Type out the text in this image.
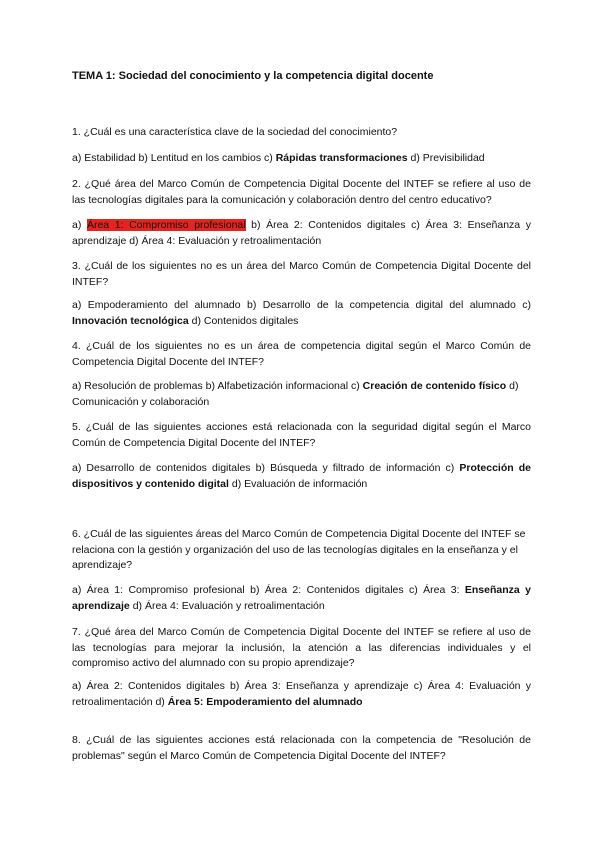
TEMA 1: Sociedad del conocimiento y la competencia digital docente
1. ¿Cuál es una característica clave de la sociedad del conocimiento?
a) Estabilidad b) Lentitud en los cambios c) Rápidas transformaciones d) Previsibilidad
2. ¿Qué área del Marco Común de Competencia Digital Docente del INTEF se refiere al uso de las tecnologías digitales para la comunicación y colaboración dentro del centro educativo?
a) Área 1: Compromiso profesional b) Área 2: Contenidos digitales c) Área 3: Enseñanza y aprendizaje d) Área 4: Evaluación y retroalimentación
3. ¿Cuál de los siguientes no es un área del Marco Común de Competencia Digital Docente del INTEF?
a) Empoderamiento del alumnado b) Desarrollo de la competencia digital del alumnado c) Innovación tecnológica d) Contenidos digitales
4. ¿Cuál de los siguientes no es un área de competencia digital según el Marco Común de Competencia Digital Docente del INTEF?
a) Resolución de problemas b) Alfabetización informacional c) Creación de contenido físico d) Comunicación y colaboración
5. ¿Cuál de las siguientes acciones está relacionada con la seguridad digital según el Marco Común de Competencia Digital Docente del INTEF?
a) Desarrollo de contenidos digitales b) Búsqueda y filtrado de información c) Protección de dispositivos y contenido digital d) Evaluación de información
6. ¿Cuál de las siguientes áreas del Marco Común de Competencia Digital Docente del INTEF se relaciona con la gestión y organización del uso de las tecnologías digitales en la enseñanza y el aprendizaje?
a) Área 1: Compromiso profesional b) Área 2: Contenidos digitales c) Área 3: Enseñanza y aprendizaje d) Área 4: Evaluación y retroalimentación
7. ¿Qué área del Marco Común de Competencia Digital Docente del INTEF se refiere al uso de las tecnologías para mejorar la inclusión, la atención a las diferencias individuales y el compromiso activo del alumnado con su propio aprendizaje?
a) Área 2: Contenidos digitales b) Área 3: Enseñanza y aprendizaje c) Área 4: Evaluación y retroalimentación d) Área 5: Empoderamiento del alumnado
8. ¿Cuál de las siguientes acciones está relacionada con la competencia de "Resolución de problemas" según el Marco Común de Competencia Digital Docente del INTEF?
